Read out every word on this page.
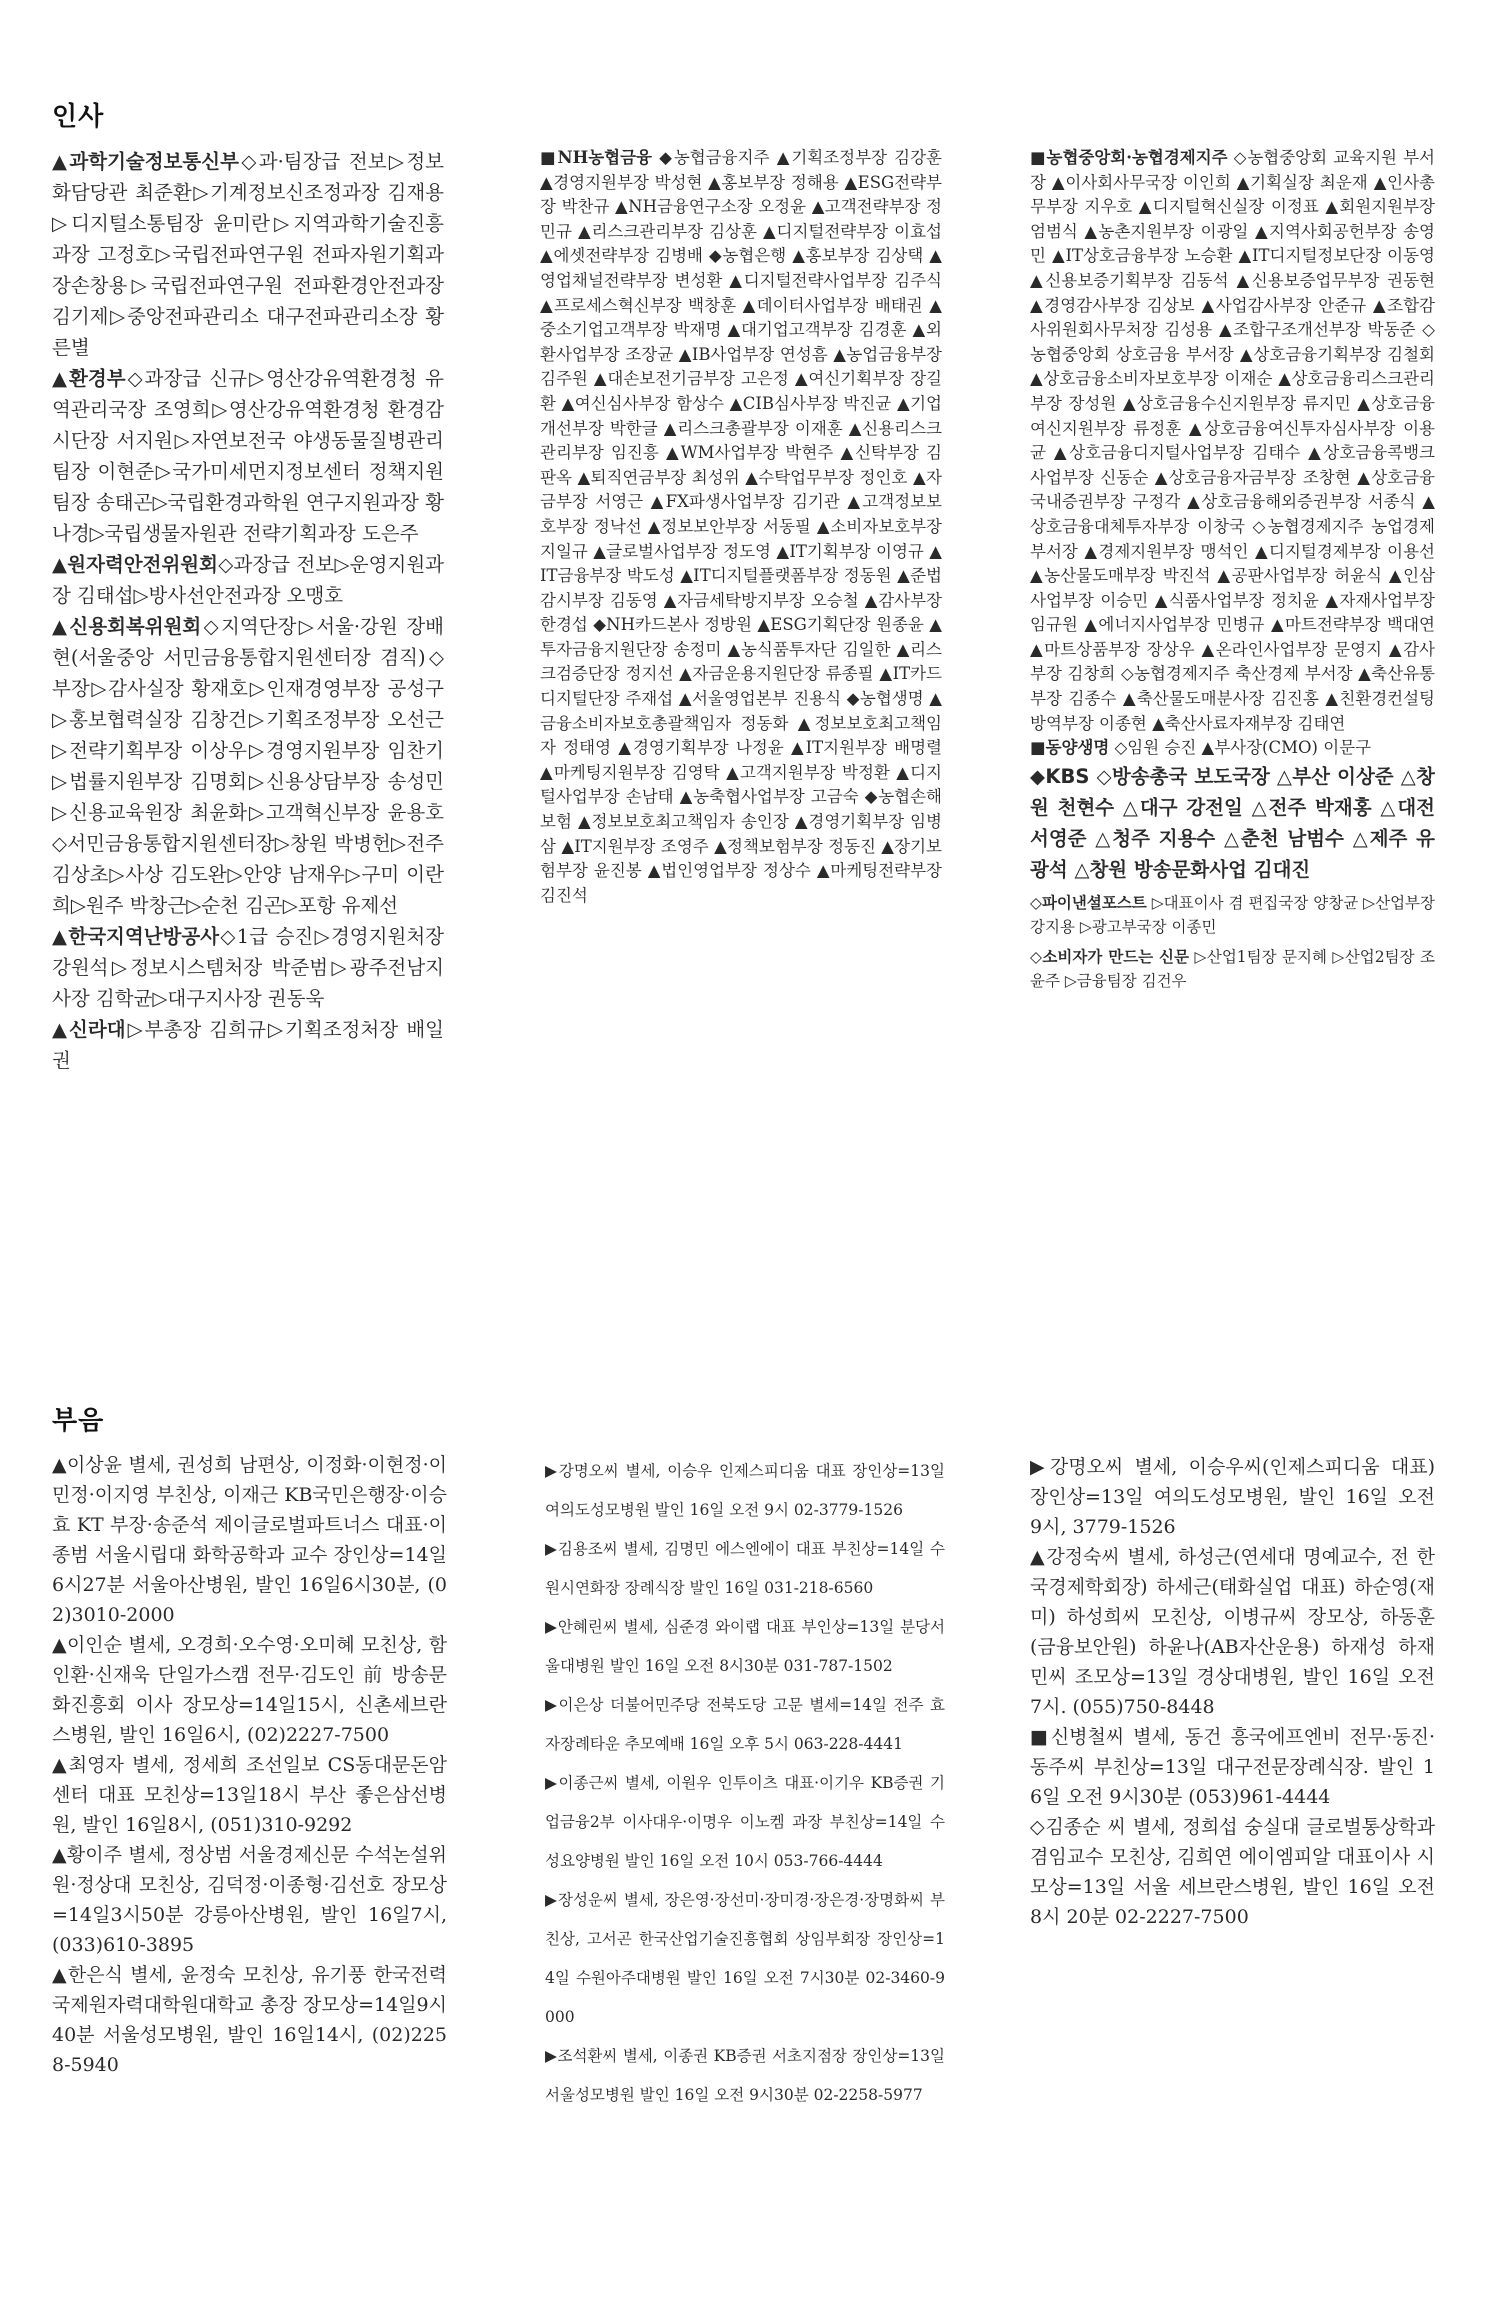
인사

▲과학기술정보통신부◇과·팀장급 전보▷정보화담당관 최준환▷기계정보신조정과장 김재용▷디지털소통팀장 윤미란▷지역과학기술진흥과장 고정호▷국립전파연구원 전파자원기획과장손창용▷국립전파연구원 전파환경안전과장 김기제▷중앙전파관리소 대구전파관리소장 황른별

▲환경부◇과장급 신규▷영산강유역환경청 유역관리국장 조영희▷영산강유역환경청 환경감시단장 서지원▷자연보전국 야생동물질병관리팀장 이현준▷국가미세먼지정보센터 정책지원팀장 송태곤▷국립환경과학원 연구지원과장 황나경▷국립생물자원관 전략기획과장 도은주

▲원자력안전위원회◇과장급 전보▷운영지원과장 김태섭▷방사선안전과장 오맹호

▲신용회복위원회◇지역단장▷서울·강원 장배현(서울중앙 서민금융통합지원센터장 겸직)◇부장▷감사실장 황재호▷인재경영부장 공성구▷홍보협력실장 김창건▷기획조정부장 오선근▷전략기획부장 이상우▷경영지원부장 임찬기▷법률지원부장 김명회▷신용상담부장 송성민▷신용교육원장 최윤화▷고객혁신부장 윤용호◇서민금융통합지원센터장▷창원 박병헌▷전주 김상초▷사상 김도완▷안양 남재우▷구미 이란희▷원주 박창근▷순천 김곤▷포항 유제선

▲한국지역난방공사◇1급 승진▷경영지원처장 강원석▷정보시스템처장 박준범▷광주전남지사장 김학균▷대구지사장 권동욱

▲신라대▷부총장 김희규▷기획조정처장 배일권

■NH농협금융 ◆농협금융지주 ▲기획조정부장 김강훈 ▲경영지원부장 박성현 ▲홍보부장 정해용 ▲ESG전략부장 박찬규 ▲NH금융연구소장 오정윤 ▲고객전략부장 정민규 ▲리스크관리부장 김상훈 ▲디지털전략부장 이효섭 ▲에셋전략부장 김병배 ◆농협은행 ▲홍보부장 김상택 ▲영업채널전략부장 변성환 ▲디지털전략사업부장 김주식 ▲프로세스혁신부장 백창훈 ▲데이터사업부장 배태권 ▲중소기업고객부장 박재명 ▲대기업고객부장 김경훈 ▲외환사업부장 조장균 ▲IB사업부장 연성흠 ▲농업금융부장 김주원 ▲대손보전기금부장 고은정 ▲여신기획부장 장길환 ▲여신심사부장 함상수 ▲CIB심사부장 박진균 ▲기업개선부장 박한글 ▲리스크총괄부장 이재훈 ▲신용리스크관리부장 임진흥 ▲WM사업부장 박현주 ▲신탁부장 김판옥 ▲퇴직연금부장 최성위 ▲수탁업무부장 정인호 ▲자금부장 서영근 ▲FX파생사업부장 김기관 ▲고객정보보호부장 정낙선 ▲정보보안부장 서동필 ▲소비자보호부장 지일규 ▲글로벌사업부장 정도영 ▲IT기획부장 이영규 ▲IT금융부장 박도성 ▲IT디지털플랫폼부장 정동원 ▲준법감시부장 김동영 ▲자금세탁방지부장 오승철 ▲감사부장 한경섭 ◆NH카드본사 정방원 ▲ESG기획단장 원종윤 ▲투자금융지원단장 송정미 ▲농식품투자단 김일한 ▲리스크검증단장 정지선 ▲자금운용지원단장 류종필 ▲IT카드디지털단장 주재섭 ▲서울영업본부 진용식 ◆농협생명 ▲금융소비자보호총괄책임자 정동화 ▲정보보호최고책임자 정태영 ▲경영기획부장 나정윤 ▲IT지원부장 배명렬 ▲마케팅지원부장 김영탁 ▲고객지원부장 박정환 ▲디지털사업부장 손남태 ▲농축협사업부장 고금숙 ◆농협손해보험 ▲정보보호최고책임자 송인장 ▲경영기획부장 임병삼 ▲IT지원부장 조영주 ▲정책보험부장 정동진 ▲장기보험부장 윤진봉 ▲법인영업부장 정상수 ▲마케팅전략부장 김진석

■농협중앙회·농협경제지주 ◇농협중앙회 교육지원 부서장 ▲이사회사무국장 이인희 ▲기획실장 최운재 ▲인사총무부장 지우호 ▲디지털혁신실장 이정표 ▲회원지원부장 엄범식 ▲농촌지원부장 이광일 ▲지역사회공헌부장 송영민 ▲IT상호금융부장 노승환 ▲IT디지털정보단장 이동영 ▲신용보증기획부장 김동석 ▲신용보증업무부장 권동현 ▲경영감사부장 김상보 ▲사업감사부장 안준규 ▲조합감사위원회사무처장 김성용 ▲조합구조개선부장 박동준 ◇농협중앙회 상호금융 부서장 ▲상호금융기획부장 김철회 ▲상호금융소비자보호부장 이재순 ▲상호금융리스크관리부장 장성원 ▲상호금융수신지원부장 류지민 ▲상호금융여신지원부장 류정훈 ▲상호금융여신투자심사부장 이용균 ▲상호금융디지털사업부장 김태수 ▲상호금융콕뱅크사업부장 신동순 ▲상호금융자금부장 조창현 ▲상호금융국내증권부장 구정각 ▲상호금융해외증권부장 서종식 ▲상호금융대체투자부장 이창국 ◇농협경제지주 농업경제 부서장 ▲경제지원부장 맹석인 ▲디지털경제부장 이용선 ▲농산물도매부장 박진석 ▲공판사업부장 허윤식 ▲인삼사업부장 이승민 ▲식품사업부장 정치윤 ▲자재사업부장 임규원 ▲에너지사업부장 민병규 ▲마트전략부장 백대연 ▲마트상품부장 장상우 ▲온라인사업부장 문영지 ▲감사부장 김창희 ◇농협경제지주 축산경제 부서장 ▲축산유통부장 김종수 ▲축산물도매분사장 김진홍 ▲친환경컨설팅방역부장 이종현 ▲축산사료자재부장 김태연

■동양생명 ◇임원 승진 ▲부사장(CMO) 이문구

◆KBS ◇방송총국 보도국장 △부산 이상준 △창원 천현수 △대구 강전일 △전주 박재홍 △대전 서영준 △청주 지용수 △춘천 남범수 △제주 유광석 △창원 방송문화사업 김대진

◇파이낸셜포스트 ▷대표이사 겸 편집국장 양창균 ▷산업부장 강지용 ▷광고부국장 이종민

◇소비자가 만드는 신문 ▷산업1팀장 문지혜 ▷산업2팀장 조윤주 ▷금융팀장 김건우

부음

▲이상윤 별세, 권성희 남편상, 이정화·이현정·이민정·이지영 부친상, 이재근 KB국민은행장·이승효 KT 부장·송준석 제이글로벌파트너스 대표·이종범 서울시립대 화학공학과 교수 장인상=14일6시27분 서울아산병원, 발인 16일6시30분, (02)3010-2000

▲이인순 별세, 오경희·오수영·오미혜 모친상, 함인환·신재욱 단일가스캠 전무·김도인 前 방송문화진흥회 이사 장모상=14일15시, 신촌세브란스병원, 발인 16일6시, (02)2227-7500

▲최영자 별세, 정세희 조선일보 CS동대문돈암센터 대표 모친상=13일18시 부산 좋은삼선병원, 발인 16일8시, (051)310-9292

▲황이주 별세, 정상범 서울경제신문 수석논설위원·정상대 모친상, 김덕정·이종형·김선호 장모상=14일3시50분 강릉아산병원, 발인 16일7시, (033)610-3895

▲한은식 별세, 윤정숙 모친상, 유기풍 한국전력국제원자력대학원대학교 총장 장모상=14일9시40분 서울성모병원, 발인 16일14시, (02)2258-5940

▶강명오씨 별세, 이승우 인제스피디움 대표 장인상=13일 여의도성모병원 발인 16일 오전 9시 02-3779-1526

▶김용조씨 별세, 김명민 에스엔에이 대표 부친상=14일 수원시연화장 장례식장 발인 16일 031-218-6560

▶안혜린씨 별세, 심준경 와이랩 대표 부인상=13일 분당서울대병원 발인 16일 오전 8시30분 031-787-1502

▶이은상 더불어민주당 전북도당 고문 별세=14일 전주 효자장례타운 추모예배 16일 오후 5시 063-228-4441

▶이종근씨 별세, 이원우 인투이츠 대표·이기우 KB증권 기업금융2부 이사대우·이명우 이노켐 과장 부친상=14일 수성요양병원 발인 16일 오전 10시 053-766-4444

▶장성운씨 별세, 장은영·장선미·장미경·장은경·장명화씨 부친상, 고서곤 한국산업기술진흥협회 상임부회장 장인상=14일 수원아주대병원 발인 16일 오전 7시30분 02-3460-9000

▶조석환씨 별세, 이종권 KB증권 서초지점장 장인상=13일 서울성모병원 발인 16일 오전 9시30분 02-2258-5977

▶강명오씨 별세, 이승우씨(인제스피디움 대표) 장인상=13일 여의도성모병원, 발인 16일 오전 9시, 3779-1526

▲강정숙씨 별세, 하성근(연세대 명예교수, 전 한국경제학회장) 하세근(태화실업 대표) 하순영(재미) 하성희씨 모친상, 이병규씨 장모상, 하동훈(금융보안원) 하윤나(AB자산운용) 하재성 하재민씨 조모상=13일 경상대병원, 발인 16일 오전 7시. (055)750-8448

■신병철씨 별세, 동건 흥국에프엔비 전무·동진·동주씨 부친상=13일 대구전문장례식장. 발인 16일 오전 9시30분 (053)961-4444

◇김종순 씨 별세, 정희섭 숭실대 글로벌통상학과 겸임교수 모친상, 김희연 에이엠피알 대표이사 시모상=13일 서울 세브란스병원, 발인 16일 오전 8시 20분 02-2227-7500
